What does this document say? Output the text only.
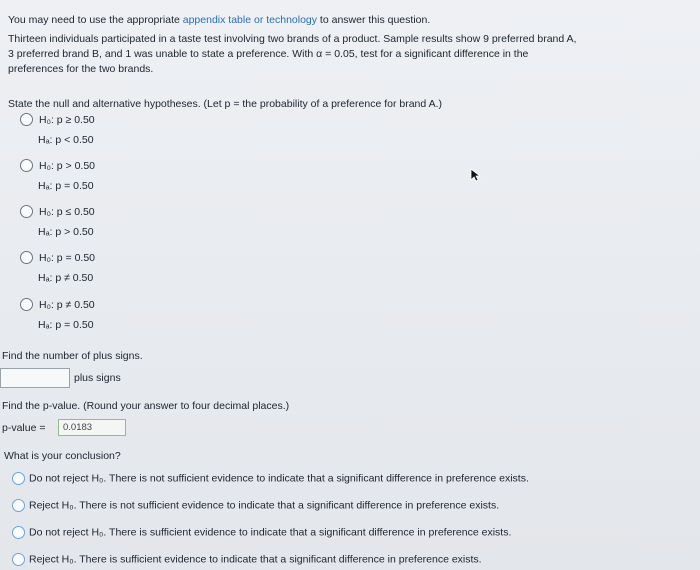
You may need to use the appropriate appendix table or technology to answer this question.
Thirteen individuals participated in a taste test involving two brands of a product. Sample results show 9 preferred brand A,
3 preferred brand B, and 1 was unable to state a preference. With α = 0.05, test for a significant difference in the
preferences for the two brands.
State the null and alternative hypotheses. (Let p = the probability of a preference for brand A.)
H₀: p ≥ 0.50
Hₐ: p < 0.50
H₀: p > 0.50
Hₐ: p = 0.50
H₀: p ≤ 0.50
Hₐ: p > 0.50
H₀: p = 0.50
Hₐ: p ≠ 0.50
H₀: p ≠ 0.50
Hₐ: p = 0.50
Find the number of plus signs.
plus signs
Find the p-value. (Round your answer to four decimal places.)
p-value =	0.0183
What is your conclusion?
Do not reject H₀. There is not sufficient evidence to indicate that a significant difference in preference exists.
Reject H₀. There is not sufficient evidence to indicate that a significant difference in preference exists.
Do not reject H₀. There is sufficient evidence to indicate that a significant difference in preference exists.
Reject H₀. There is sufficient evidence to indicate that a significant difference in preference exists.
